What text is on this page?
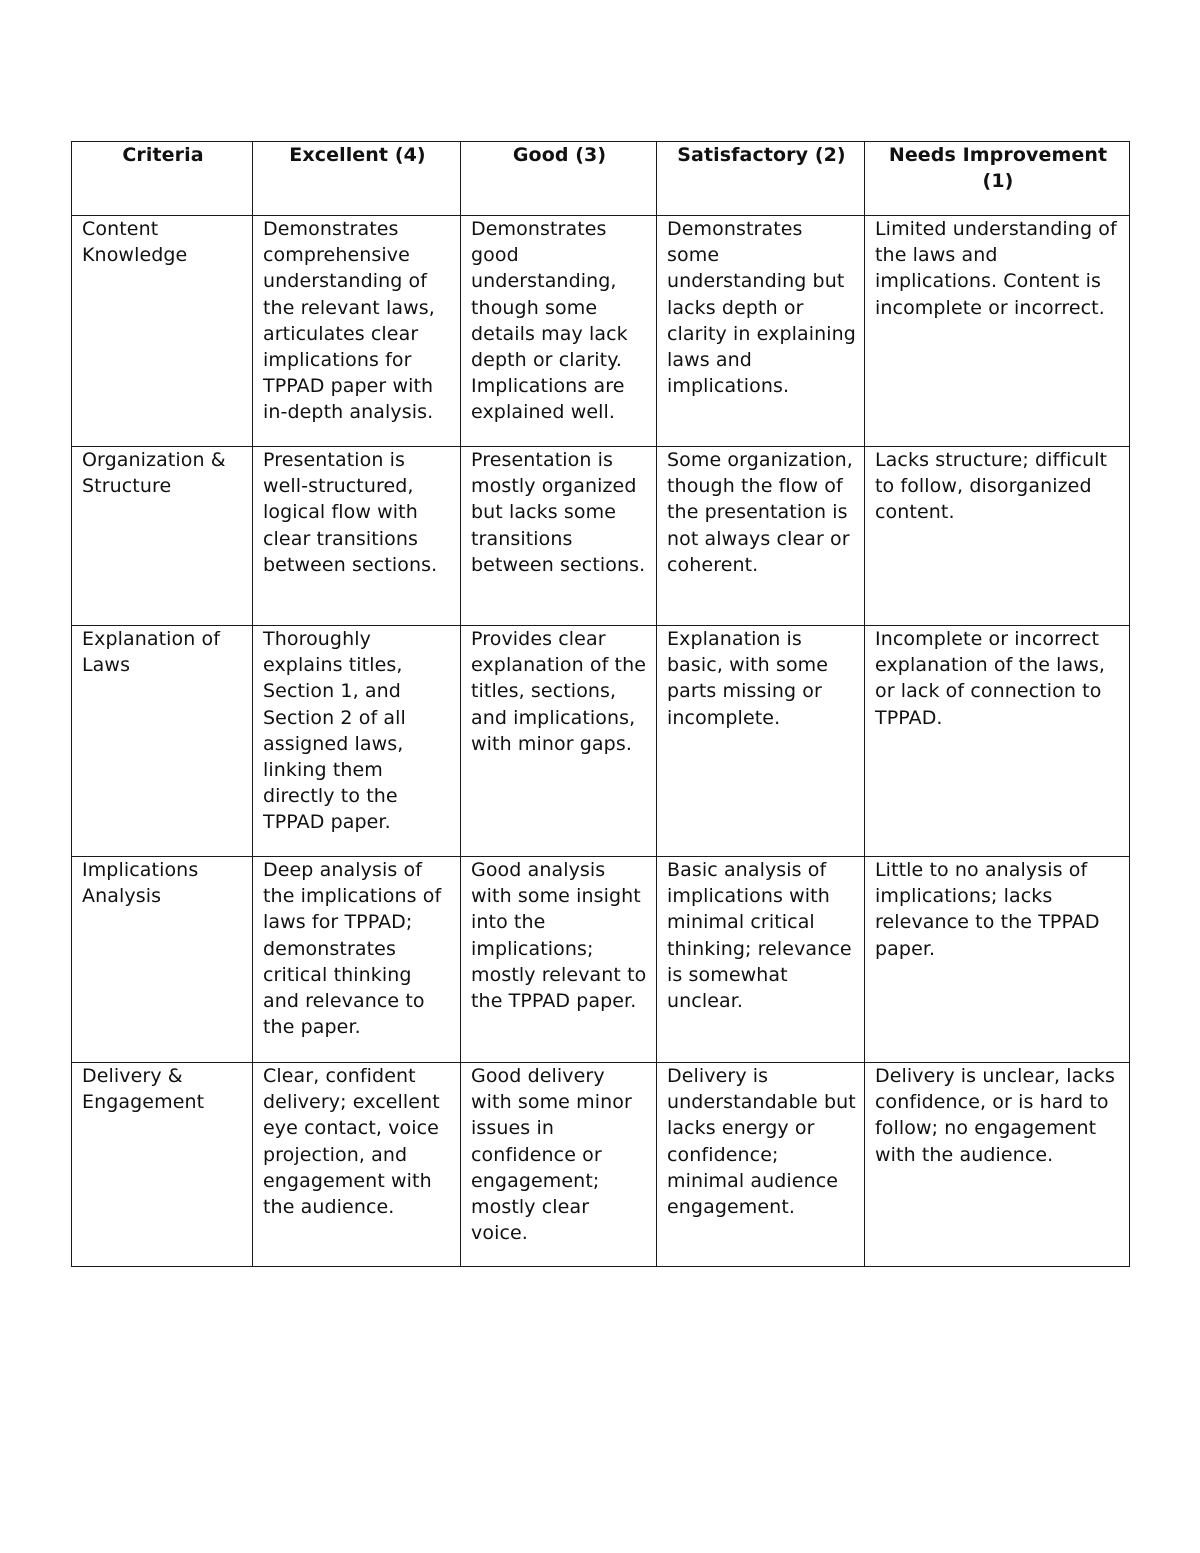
Criteria	Excellent (4)	Good (3)	Satisfactory (2)	Needs Improvement (1)
Content Knowledge	Demonstrates comprehensive understanding of the relevant laws, articulates clear implications for TPPAD paper with in-depth analysis.	Demonstrates good understanding, though some details may lack depth or clarity. Implications are explained well.	Demonstrates some understanding but lacks depth or clarity in explaining laws and implications.	Limited understanding of the laws and implications. Content is incomplete or incorrect.
Organization & Structure	Presentation is well-structured, logical flow with clear transitions between sections.	Presentation is mostly organized but lacks some transitions between sections.	Some organization, though the flow of the presentation is not always clear or coherent.	Lacks structure; difficult to follow, disorganized content.
Explanation of Laws	Thoroughly explains titles, Section 1, and Section 2 of all assigned laws, linking them directly to the TPPAD paper.	Provides clear explanation of the titles, sections, and implications, with minor gaps.	Explanation is basic, with some parts missing or incomplete.	Incomplete or incorrect explanation of the laws, or lack of connection to TPPAD.
Implications Analysis	Deep analysis of the implications of laws for TPPAD; demonstrates critical thinking and relevance to the paper.	Good analysis with some insight into the implications; mostly relevant to the TPPAD paper.	Basic analysis of implications with minimal critical thinking; relevance is somewhat unclear.	Little to no analysis of implications; lacks relevance to the TPPAD paper.
Delivery & Engagement	Clear, confident delivery; excellent eye contact, voice projection, and engagement with the audience.	Good delivery with some minor issues in confidence or engagement; mostly clear voice.	Delivery is understandable but lacks energy or confidence; minimal audience engagement.	Delivery is unclear, lacks confidence, or is hard to follow; no engagement with the audience.
